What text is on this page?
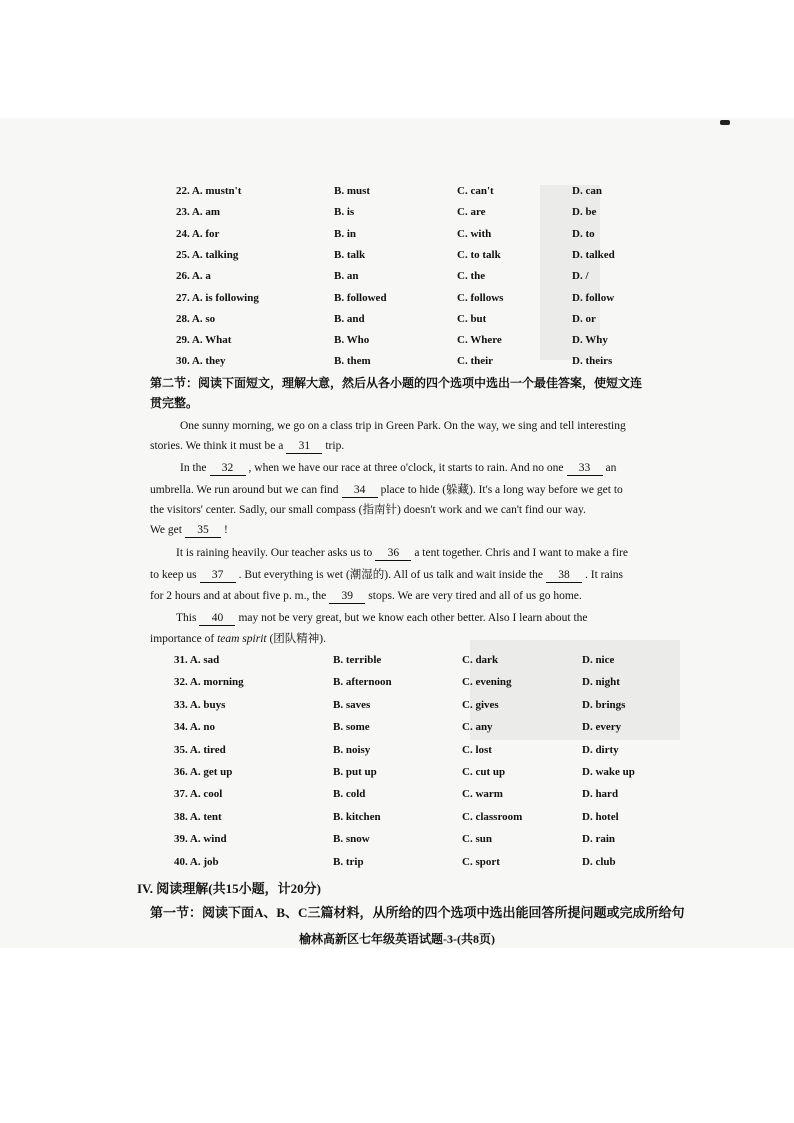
22. A. mustn't	B. must	C. can't	D. can
23. A. am	B. is	C. are	D. be
24. A. for	B. in	C. with	D. to
25. A. talking	B. talk	C. to talk	D. talked
26. A. a	B. an	C. the	D. /
27. A. is following	B. followed	C. follows	D. follow
28. A. so	B. and	C. but	D. or
29. A. What	B. Who	C. Where	D. Why
30. A. they	B. them	C. their	D. theirs
第二节：阅读下面短文，理解大意，然后从各小题的四个选项中选出一个最佳答案，使短文连
贯完整。
One sunny morning, we go on a class trip in Green Park. On the way, we sing and tell interesting
stories. We think it must be a 31 trip.
In the 32 , when we have our race at three o'clock, it starts to rain. And no one 33 an
umbrella. We run around but we can find 34 place to hide (躲藏). It's a long way before we get to
the visitors' center. Sadly, our small compass (指南针) doesn't work and we can't find our way.
We get 35 !
It is raining heavily. Our teacher asks us to 36 a tent together. Chris and I want to make a fire
to keep us 37 . But everything is wet (潮湿的). All of us talk and wait inside the 38 . It rains
for 2 hours and at about five p. m., the 39 stops. We are very tired and all of us go home.
This 40 may not be very great, but we know each other better. Also I learn about the
importance of team spirit (团队精神).
31. A. sad	B. terrible	C. dark	D. nice
32. A. morning	B. afternoon	C. evening	D. night
33. A. buys	B. saves	C. gives	D. brings
34. A. no	B. some	C. any	D. every
35. A. tired	B. noisy	C. lost	D. dirty
36. A. get up	B. put up	C. cut up	D. wake up
37. A. cool	B. cold	C. warm	D. hard
38. A. tent	B. kitchen	C. classroom	D. hotel
39. A. wind	B. snow	C. sun	D. rain
40. A. job	B. trip	C. sport	D. club
IV. 阅读理解(共15小题，计20分)
第一节：阅读下面A、B、C三篇材料，从所给的四个选项中选出能回答所提问题或完成所给句
榆林高新区七年级英语试题-3-(共8页)
